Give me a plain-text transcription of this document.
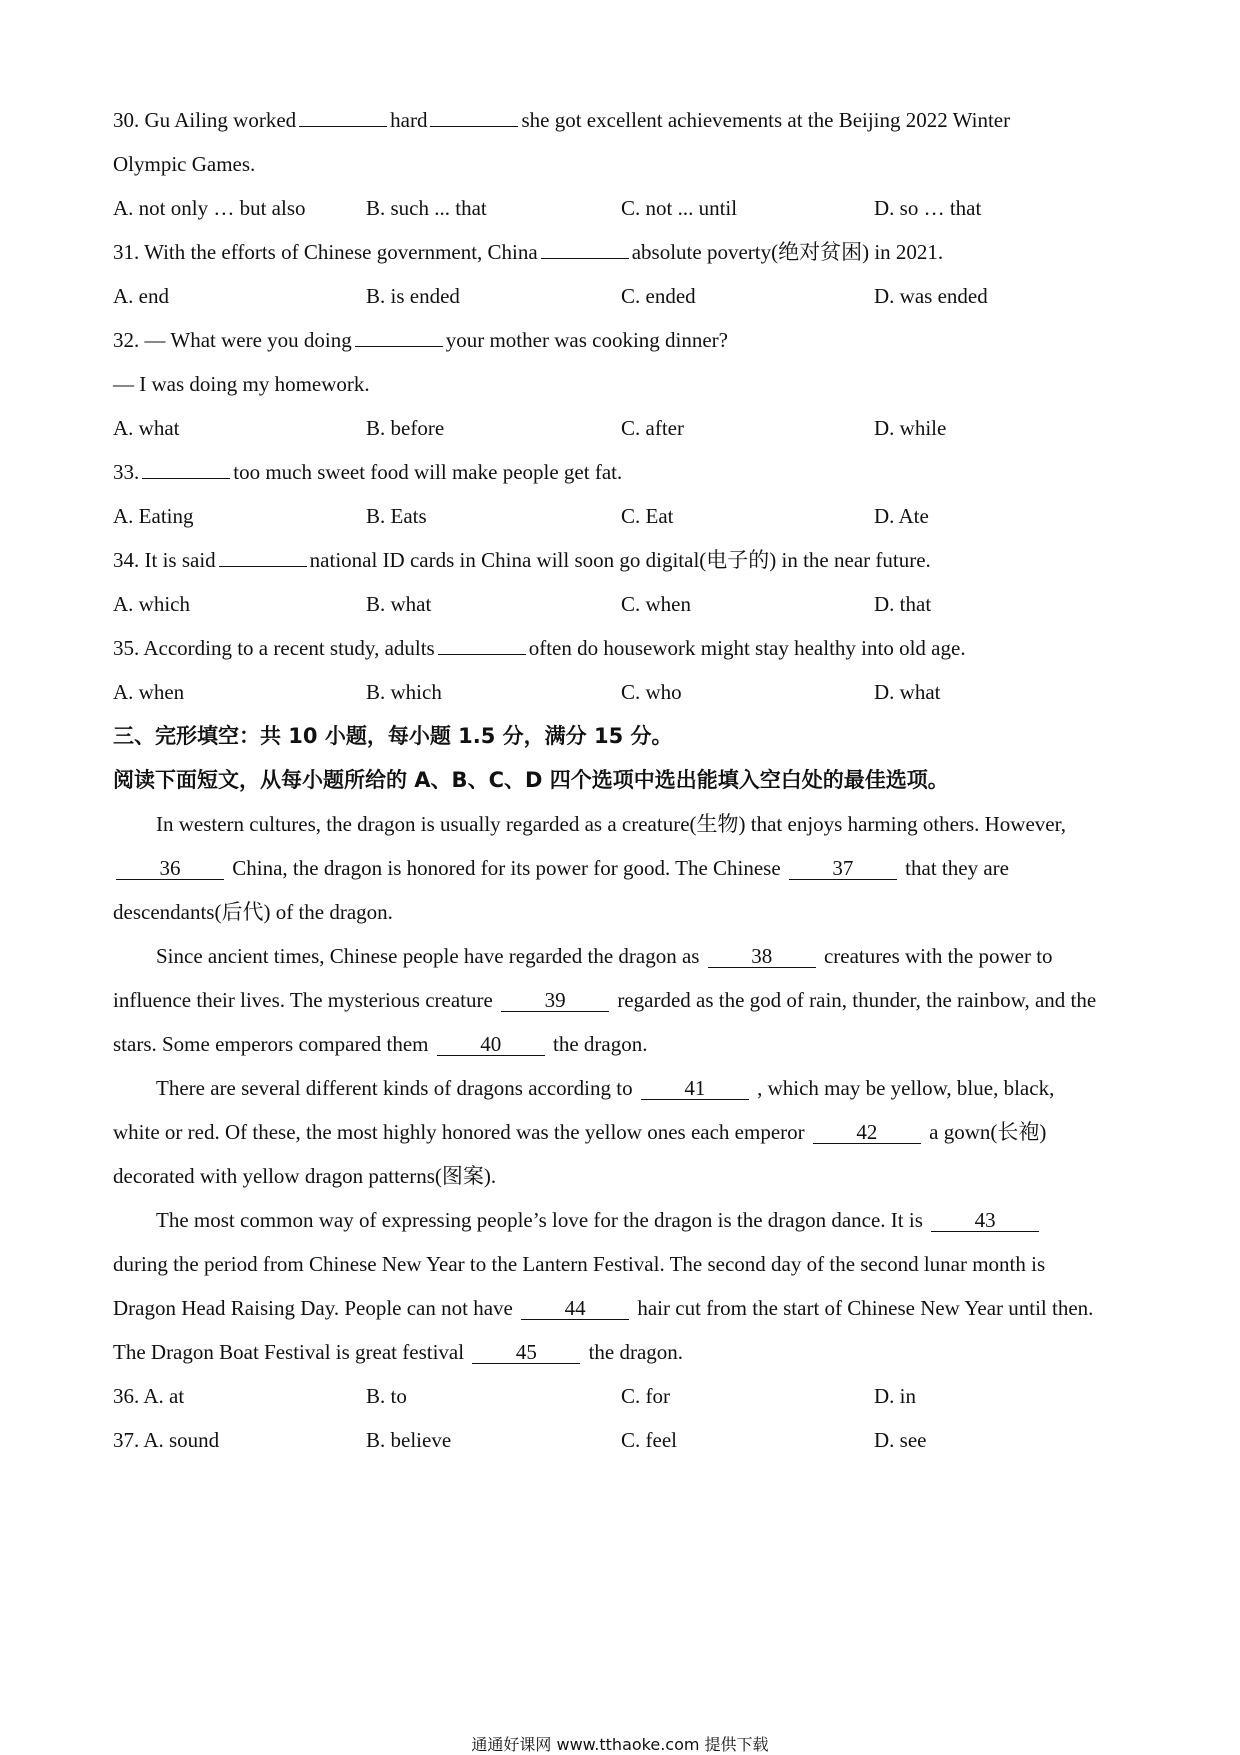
30. Gu Ailing worked	hard	she got excellent achievements at the Beijing 2022 Winter
Olympic Games.
A. not only … but also	B. such ... that	C. not ... until	D. so … that
31. With the efforts of Chinese government, China	absolute poverty(绝对贫困) in 2021.
A. end	B. is ended	C. ended	D. was ended
32. — What were you doing	your mother was cooking dinner?
— I was doing my homework.
A. what	B. before	C. after	D. while
33.	too much sweet food will make people get fat.
A. Eating	B. Eats	C. Eat	D. Ate
34. It is said	national ID cards in China will soon go digital(电子的) in the near future.
A. which	B. what	C. when	D. that
35. According to a recent study, adults	often do housework might stay healthy into old age.
A. when	B. which	C. who	D. what
三、完形填空：共 10 小题，每小题 1.5 分，满分 15 分。
阅读下面短文，从每小题所给的 A、B、C、D 四个选项中选出能填入空白处的最佳选项。
In western cultures, the dragon is usually regarded as a creature(生物) that enjoys harming others. However,
36 China, the dragon is honored for its power for good. The Chinese 37 that they are
descendants(后代) of the dragon.
Since ancient times, Chinese people have regarded the dragon as 38 creatures with the power to
influence their lives. The mysterious creature 39 regarded as the god of rain, thunder, the rainbow, and the
stars. Some emperors compared them 40 the dragon.
There are several different kinds of dragons according to 41 , which may be yellow, blue, black,
white or red. Of these, the most highly honored was the yellow ones each emperor 42 a gown(长袍)
decorated with yellow dragon patterns(图案).
The most common way of expressing people’s love for the dragon is the dragon dance. It is 43
during the period from Chinese New Year to the Lantern Festival. The second day of the second lunar month is
Dragon Head Raising Day. People can not have 44 hair cut from the start of Chinese New Year until then.
The Dragon Boat Festival is great festival 45 the dragon.
36. A. at	B. to	C. for	D. in
37. A. sound	B. believe	C. feel	D. see
通通好课网 www.tthaoke.com 提供下载
